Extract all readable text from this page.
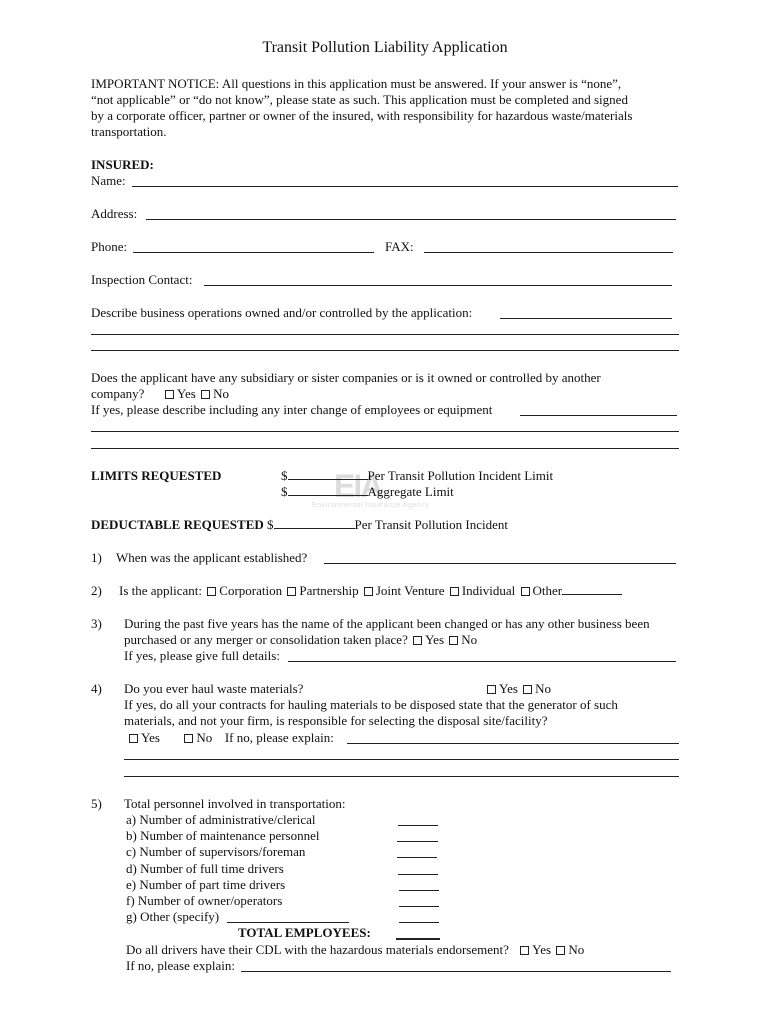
Transit Pollution Liability Application
IMPORTANT NOTICE: All questions in this application must be answered. If your answer is “none”,
“not applicable” or “do not know”, please state as such. This application must be completed and signed
by a corporate officer, partner or owner of the insured, with responsibility for hazardous waste/materials
transportation.
INSURED:
Name:
Address:
Phone:	FAX:
Inspection Contact:
Describe business operations owned and/or controlled by the application:
Does the applicant have any subsidiary or sister companies or is it owned or controlled by another
company?	Yes No
If yes, please describe including any inter change of employees or equipment
EIA
Environmental Insurance Agency
LIMITS REQUESTED	$	Per Transit Pollution Incident Limit
$	Aggregate Limit
DEDUCTABLE REQUESTED $	Per Transit Pollution Incident
1) When was the applicant established?
2) Is the applicant: Corporation Partnership Joint Venture Individual Other
3) During the past five years has the name of the applicant been changed or has any other business been
purchased or any merger or consolidation taken place? Yes No
If yes, please give full details:
4) Do you ever haul waste materials?	Yes No
If yes, do all your contracts for hauling materials to be disposed state that the generator of such
materials, and not your firm, is responsible for selecting the disposal site/facility?
Yes	No If no, please explain:
5) Total personnel involved in transportation:
a) Number of administrative/clerical
b) Number of maintenance personnel
c) Number of supervisors/foreman
d) Number of full time drivers
e) Number of part time drivers
f) Number of owner/operators
g) Other (specify)
TOTAL EMPLOYEES:
Do all drivers have their CDL with the hazardous materials endorsement? Yes No
If no, please explain:
